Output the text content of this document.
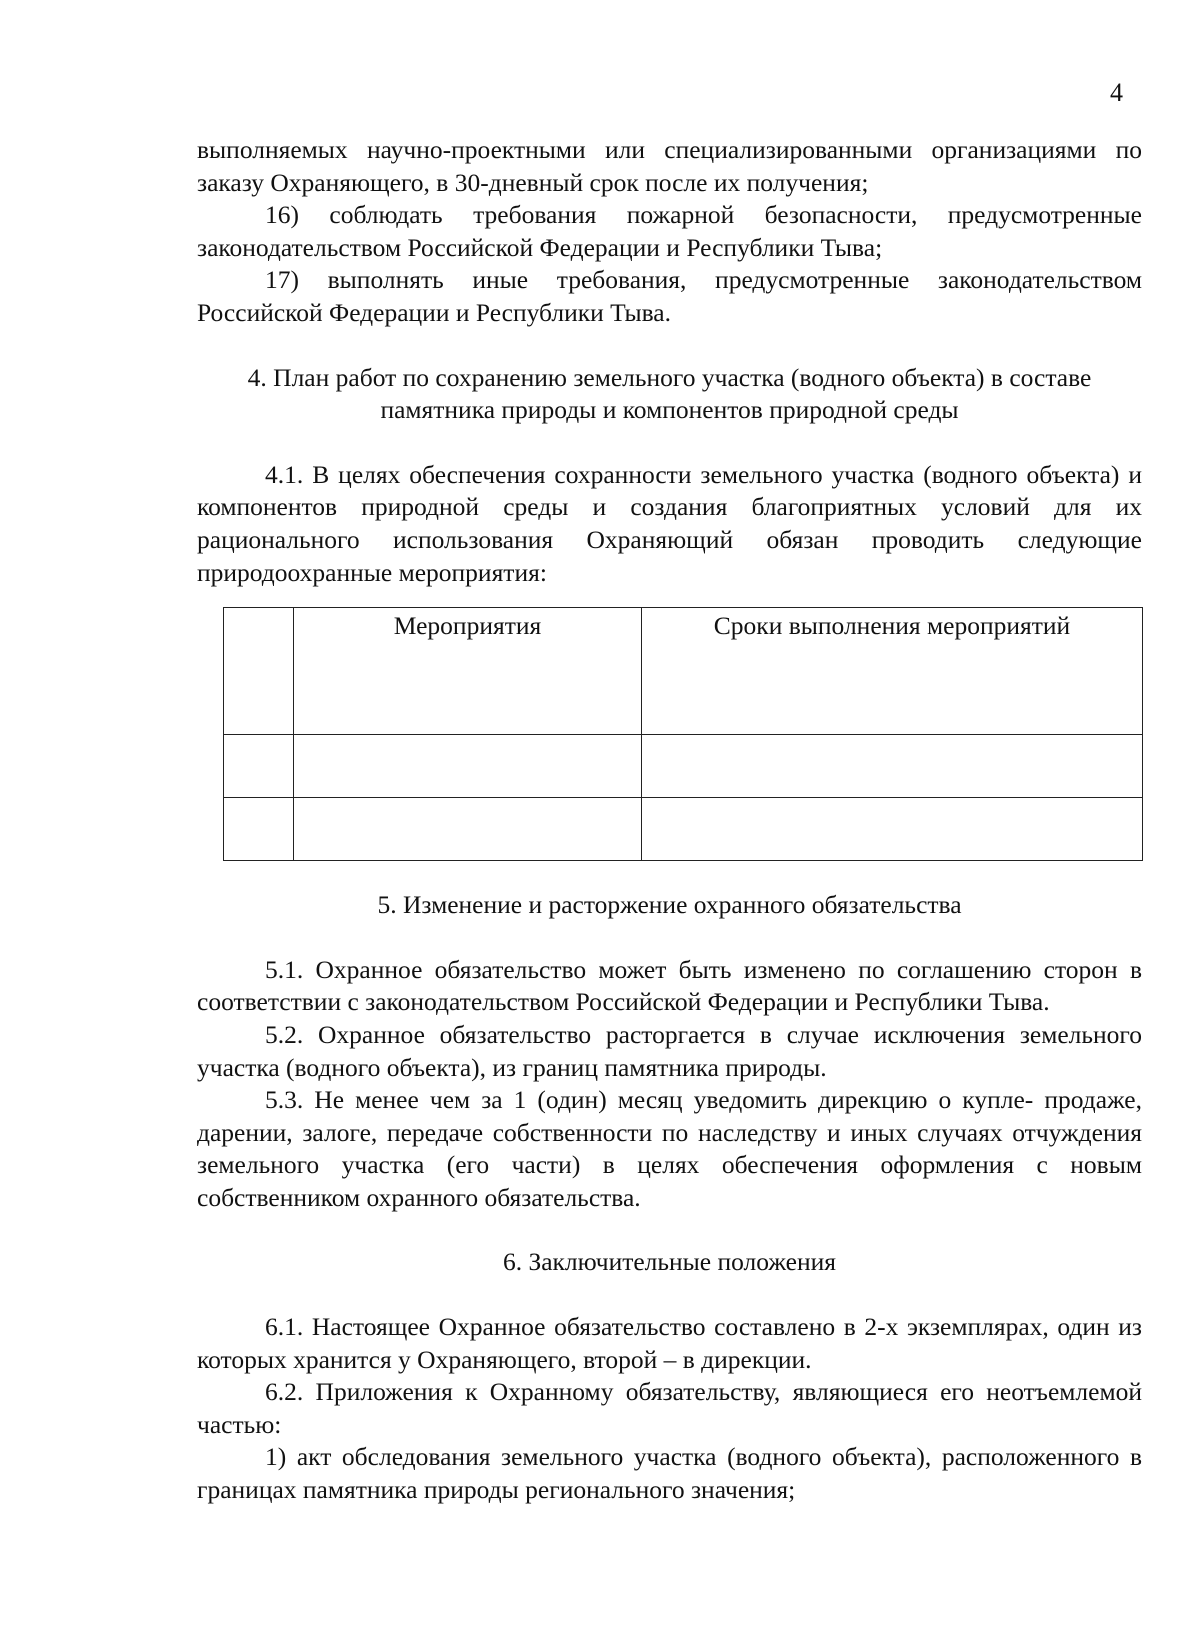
4

выполняемых научно-проектными или специализированными организациями по заказу Охраняющего, в 30-дневный срок после их получения;

16) соблюдать требования пожарной безопасности, предусмотренные законодательством Российской Федерации и Республики Тыва;

17) выполнять иные требования, предусмотренные законодательством Российской Федерации и Республики Тыва.

4. План работ по сохранению земельного участка (водного объекта) в составе
памятника природы и компонентов природной среды

4.1. В целях обеспечения сохранности земельного участка (водного объекта) и компонентов природной среды и создания благоприятных условий для их рационального использования Охраняющий обязан проводить следующие природоохранные мероприятия:

	Мероприятия	Сроки выполнения мероприятий

5. Изменение и расторжение охранного обязательства

5.1. Охранное обязательство может быть изменено по соглашению сторон в соответствии с законодательством Российской Федерации и Республики Тыва.

5.2. Охранное обязательство расторгается в случае исключения земельного участка (водного объекта), из границ памятника природы.

5.3. Не менее чем за 1 (один) месяц уведомить дирекцию о купле- продаже, дарении, залоге, передаче собственности по наследству и иных случаях отчуждения земельного участка (его части) в целях обеспечения оформления с новым собственником охранного обязательства.

6. Заключительные положения

6.1. Настоящее Охранное обязательство составлено в 2-х экземплярах, один из которых хранится у Охраняющего, второй – в дирекции.

6.2. Приложения к Охранному обязательству, являющиеся его неотъемлемой частью:

1) акт обследования земельного участка (водного объекта), расположенного в границах памятника природы регионального значения;
